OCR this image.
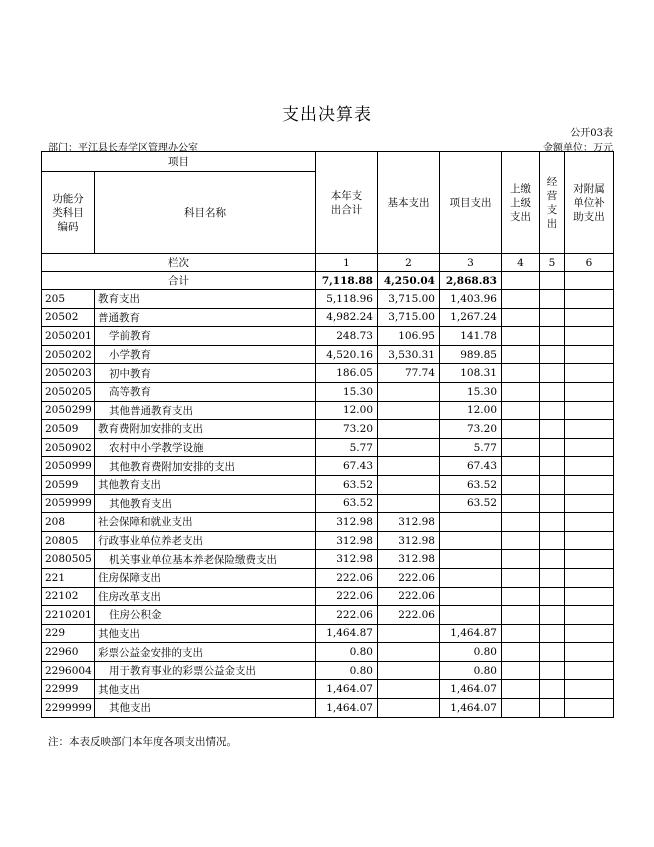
支出决算表
公开03表
部门：平江县长寿学区管理办公室	金额单位：万元
项目		本年支出合计	基本支出	项目支出	上缴上级支出	经营支出	对附属单位补助支出
功能分类科目编码	科目名称						
栏次		1	2	3	4	5	6
合计		7,118.88	4,250.04	2,868.83			
205	教育支出	5,118.96	3,715.00	1,403.96			
20502	普通教育	4,982.24	3,715.00	1,267.24			
2050201	学前教育	248.73	106.95	141.78			
2050202	小学教育	4,520.16	3,530.31	989.85			
2050203	初中教育	186.05	77.74	108.31			
2050205	高等教育	15.30		15.30			
2050299	其他普通教育支出	12.00		12.00			
20509	教育费附加安排的支出	73.20		73.20			
2050902	农村中小学教学设施	5.77		5.77			
2050999	其他教育费附加安排的支出	67.43		67.43			
20599	其他教育支出	63.52		63.52			
2059999	其他教育支出	63.52		63.52			
208	社会保障和就业支出	312.98	312.98				
20805	行政事业单位养老支出	312.98	312.98				
2080505	机关事业单位基本养老保险缴费支出	312.98	312.98				
221	住房保障支出	222.06	222.06				
22102	住房改革支出	222.06	222.06				
2210201	住房公积金	222.06	222.06				
229	其他支出	1,464.87		1,464.87			
22960	彩票公益金安排的支出	0.80		0.80			
2296004	用于教育事业的彩票公益金支出	0.80		0.80			
22999	其他支出	1,464.07		1,464.07			
2299999	其他支出	1,464.07		1,464.07			
注：本表反映部门本年度各项支出情况。
